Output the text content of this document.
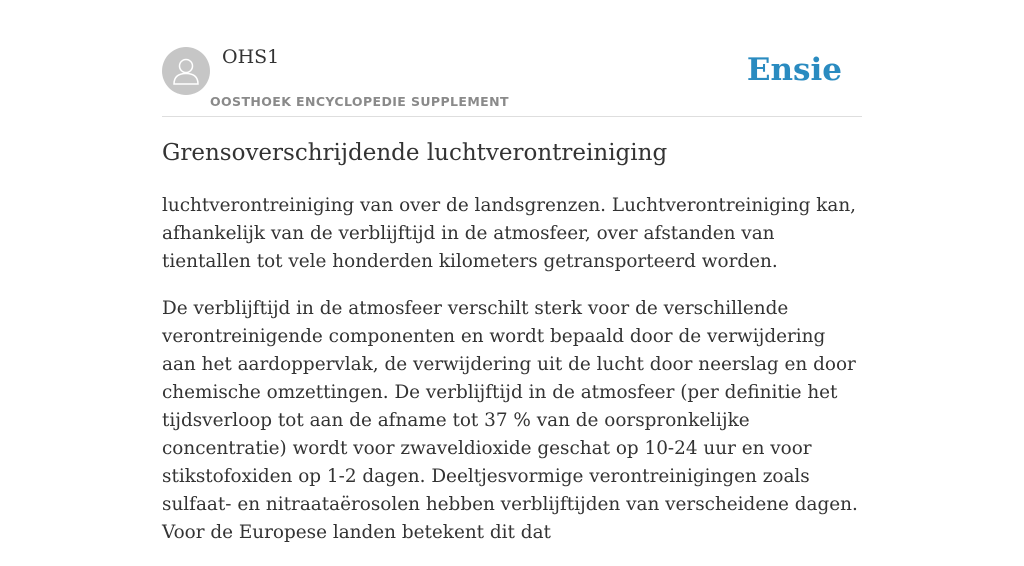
OHS1
OOSTHOEK ENCYCLOPEDIE SUPPLEMENT
Ensie
Grensoverschrijdende luchtverontreiniging

luchtverontreiniging van over de landsgrenzen. Luchtverontreiniging kan, afhankelijk van de verblijftijd in de atmosfeer, over afstanden van tientallen tot vele honderden kilometers getransporteerd worden.

De verblijftijd in de atmosfeer verschilt sterk voor de verschillende verontreinigende componenten en wordt bepaald door de verwijdering aan het aardoppervlak, de verwijdering uit de lucht door neerslag en door chemische omzettingen. De verblijftijd in de atmosfeer (per definitie het tijdsverloop tot aan de afname tot 37 % van de oorspronkelijke concentratie) wordt voor zwaveldioxide geschat op 10-24 uur en voor stikstofoxiden op 1-2 dagen. Deeltjesvormige verontreinigingen zoals sulfaat- en nitraataërosolen hebben verblijftijden van verscheidene dagen. Voor de Europese landen betekent dit dat
